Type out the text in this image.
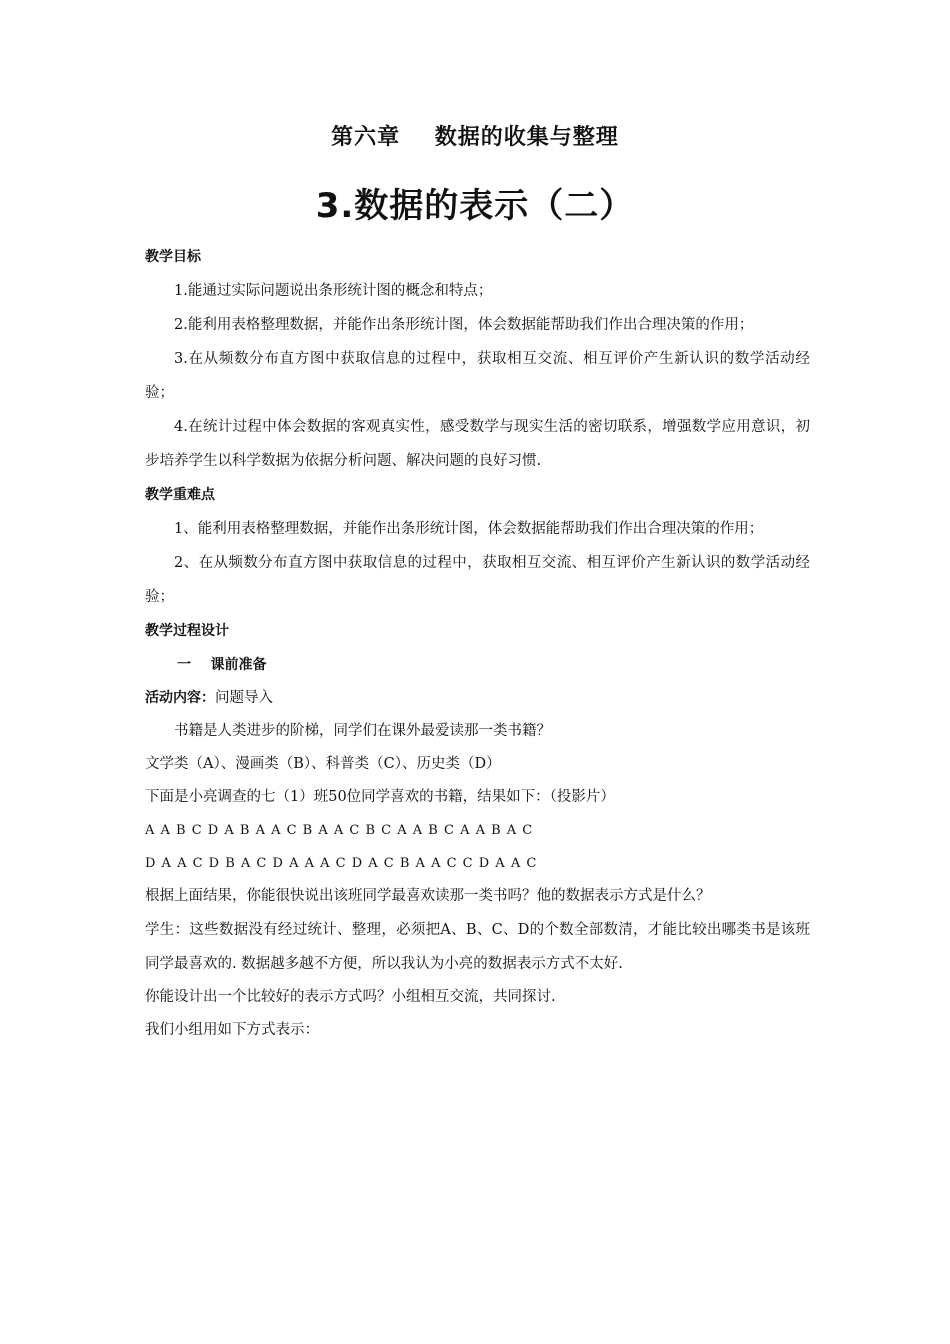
第六章    数据的收集与整理
3.数据的表示（二）
教学目标
1.能通过实际问题说出条形统计图的概念和特点；
2.能利用表格整理数据，并能作出条形统计图，体会数据能帮助我们作出合理决策的作用；
3.在从频数分布直方图中获取信息的过程中，获取相互交流、相互评价产生新认识的数学活动经验；
4.在统计过程中体会数据的客观真实性，感受数学与现实生活的密切联系，增强数学应用意识，初步培养学生以科学数据为依据分析问题、解决问题的良好习惯.
教学重难点
1、能利用表格整理数据，并能作出条形统计图，体会数据能帮助我们作出合理决策的作用；
2、在从频数分布直方图中获取信息的过程中，获取相互交流、相互评价产生新认识的数学活动经验；
教学过程设计
一    课前准备
活动内容：问题导入
书籍是人类进步的阶梯，同学们在课外最爱读那一类书籍？
文学类（A）、漫画类（B）、科普类（C）、历史类（D）
下面是小亮调查的七（1）班50位同学喜欢的书籍，结果如下：（投影片）
A A B C D A B A A C B A A C B C A A B C A A B A C
D A A C D B A C D A A A C D A C B A A C C D A A C
根据上面结果，你能很快说出该班同学最喜欢读那一类书吗？他的数据表示方式是什么？
学生：这些数据没有经过统计、整理，必须把A、B、C、D的个数全部数清，才能比较出哪类书是该班同学最喜欢的. 数据越多越不方便，所以我认为小亮的数据表示方式不太好.
你能设计出一个比较好的表示方式吗？小组相互交流，共同探讨.
我们小组用如下方式表示：
